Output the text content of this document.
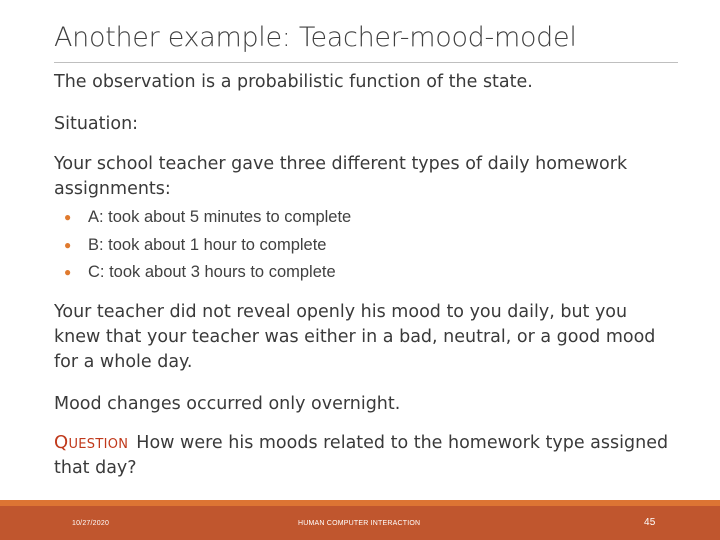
Another example: Teacher-mood-model

The observation is a probabilistic function of the state.

Situation:

Your school teacher gave three different types of daily homework assignments:

● A: took about 5 minutes to complete
● B: took about 1 hour to complete
● C: took about 3 hours to complete

Your teacher did not reveal openly his mood to you daily, but you knew that your teacher was either in a bad, neutral, or a good mood for a whole day.

Mood changes occurred only overnight.

Question How were his moods related to the homework type assigned that day?

10/27/2020	HUMAN COMPUTER INTERACTION	45
